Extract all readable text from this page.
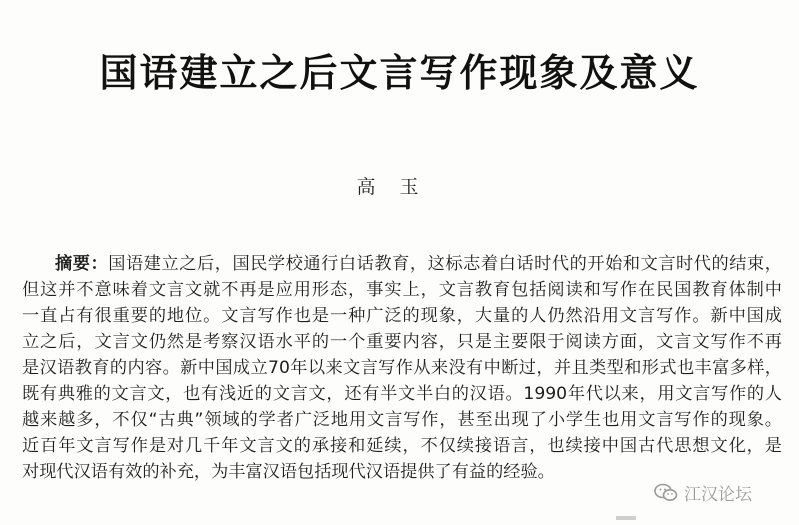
国语建立之后文言写作现象及意义
高玉
摘要：国语建立之后，国民学校通行白话教育，这标志着白话时代的开始和文言时代的结束，
但这并不意味着文言文就不再是应用形态，事实上，文言教育包括阅读和写作在民国教育体制中
一直占有很重要的地位。文言写作也是一种广泛的现象，大量的人仍然沿用文言写作。新中国成
立之后，文言文仍然是考察汉语水平的一个重要内容，只是主要限于阅读方面，文言文写作不再
是汉语教育的内容。新中国成立70年以来文言写作从来没有中断过，并且类型和形式也丰富多样，
既有典雅的文言文，也有浅近的文言文，还有半文半白的汉语。1990年代以来，用文言写作的人
越来越多，不仅“古典”领域的学者广泛地用文言写作，甚至出现了小学生也用文言写作的现象。
近百年文言写作是对几千年文言文的承接和延续，不仅续接语言，也续接中国古代思想文化，是
对现代汉语有效的补充，为丰富汉语包括现代汉语提供了有益的经验。
江汉论坛
